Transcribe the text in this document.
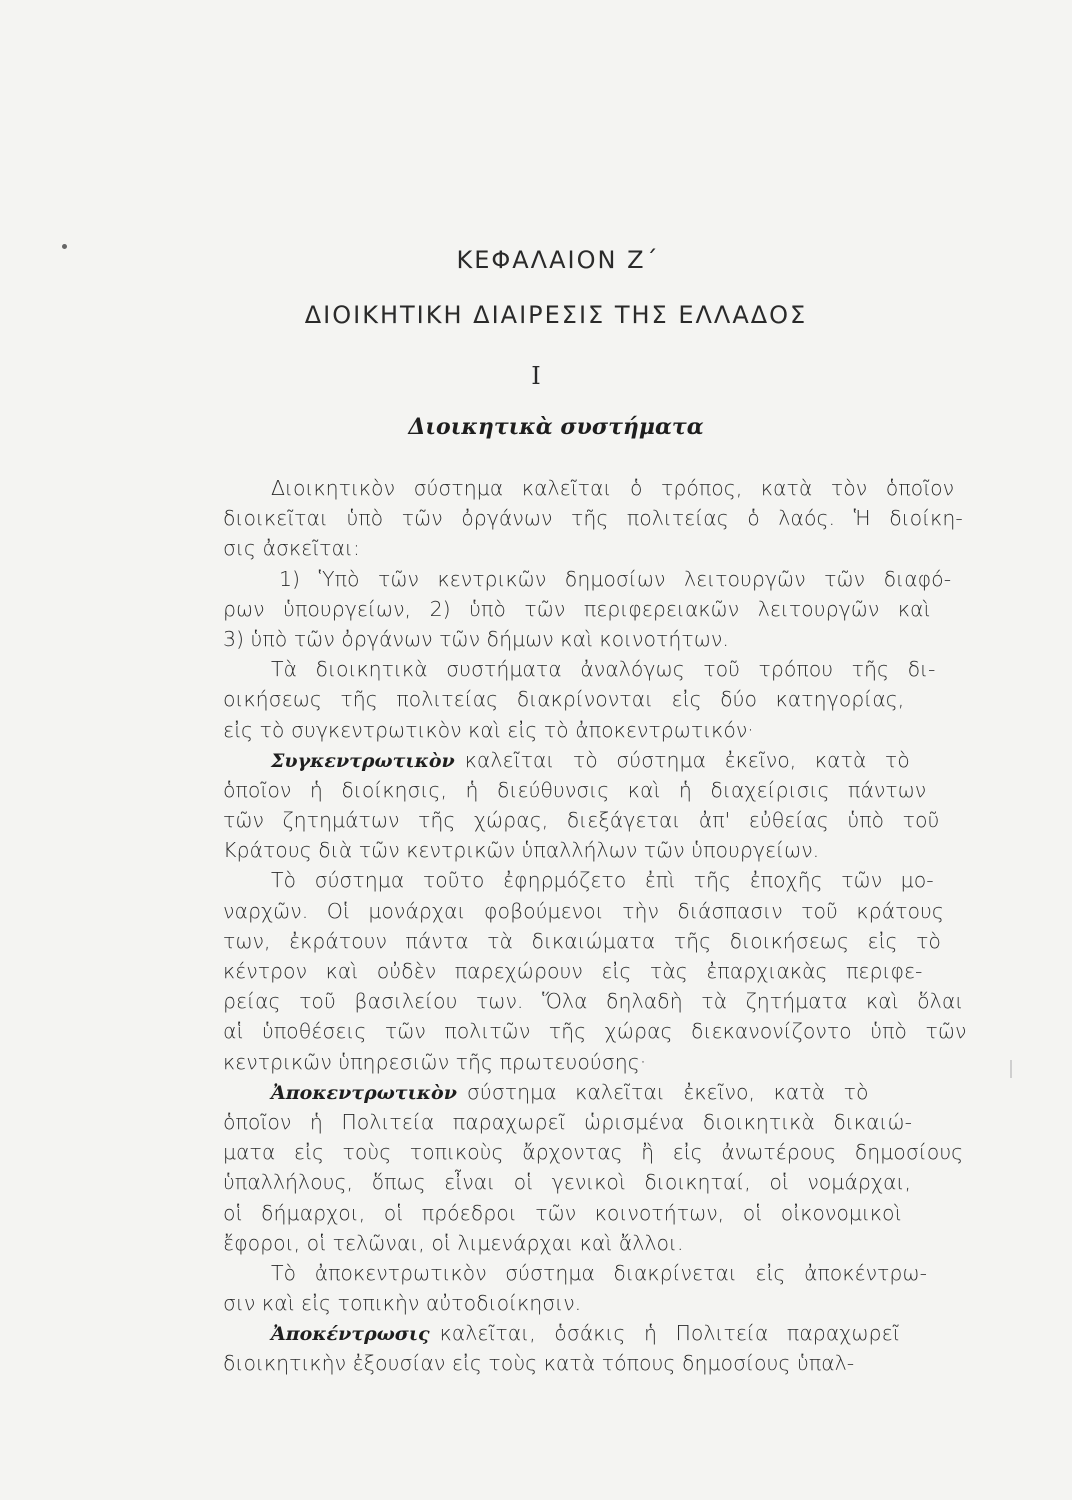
ΚΕΦΑΛΑΙΟΝ Ζ΄
ΔΙΟΙΚΗΤΙΚΗ ΔΙΑΙΡΕΣΙΣ ΤΗΣ ΕΛΛΑΔΟΣ
I
Διοικητικὰ συστήματα
Διοικητικὸν σύστημα καλεῖται ὁ τρόπος, κατὰ τὸν ὁποῖον
διοικεῖται ὑπὸ τῶν ὀργάνων τῆς πολιτείας ὁ λαός. Ἡ διοίκη-
σις ἀσκεῖται:
1) Ὑπὸ τῶν κεντρικῶν δημοσίων λειτουργῶν τῶν διαφό-
ρων ὑπουργείων, 2) ὑπὸ τῶν περιφερειακῶν λειτουργῶν καὶ
3) ὑπὸ τῶν ὀργάνων τῶν δήμων καὶ κοινοτήτων.
Τὰ διοικητικὰ συστήματα ἀναλόγως τοῦ τρόπου τῆς δι-
οικήσεως τῆς πολιτείας διακρίνονται εἰς δύο κατηγορίας,
εἰς τὸ συγκεντρωτικὸν καὶ εἰς τὸ ἀποκεντρωτικόν·
Συγκεντρωτικὸν καλεῖται τὸ σύστημα ἐκεῖνο, κατὰ τὸ
ὁποῖον ἡ διοίκησις, ἡ διεύθυνσις καὶ ἡ διαχείρισις πάντων
τῶν ζητημάτων τῆς χώρας, διεξάγεται ἀπ' εὐθείας ὑπὸ τοῦ
Κράτους διὰ τῶν κεντρικῶν ὑπαλλήλων τῶν ὑπουργείων.
Τὸ σύστημα τοῦτο ἐφηρμόζετο ἐπὶ τῆς ἐποχῆς τῶν μο-
ναρχῶν. Οἱ μονάρχαι φοβούμενοι τὴν διάσπασιν τοῦ κράτους
των, ἐκράτουν πάντα τὰ δικαιώματα τῆς διοικήσεως εἰς τὸ
κέντρον καὶ οὐδὲν παρεχώρουν εἰς τὰς ἐπαρχιακὰς περιφε-
ρείας τοῦ βασιλείου των. Ὅλα δηλαδὴ τὰ ζητήματα καὶ ὅλαι
αἱ ὑποθέσεις τῶν πολιτῶν τῆς χώρας διεκανονίζοντο ὑπὸ τῶν
κεντρικῶν ὑπηρεσιῶν τῆς πρωτευούσης·
Ἀποκεντρωτικὸν σύστημα καλεῖται ἐκεῖνο, κατὰ τὸ
ὁποῖον ἡ Πολιτεία παραχωρεῖ ὡρισμένα διοικητικὰ δικαιώ-
ματα εἰς τοὺς τοπικοὺς ἄρχοντας ἢ εἰς ἀνωτέρους δημοσίους
ὑπαλλήλους, ὅπως εἶναι οἱ γενικοὶ διοικηταί, οἱ νομάρχαι,
οἱ δήμαρχοι, οἱ πρόεδροι τῶν κοινοτήτων, οἱ οἰκονομικοὶ
ἔφοροι, οἱ τελῶναι, οἱ λιμενάρχαι καὶ ἄλλοι.
Τὸ ἀποκεντρωτικὸν σύστημα διακρίνεται εἰς ἀποκέντρω-
σιν καὶ εἰς τοπικὴν αὐτοδιοίκησιν.
Ἀποκέντρωσις καλεῖται, ὁσάκις ἡ Πολιτεία παραχωρεῖ
διοικητικὴν ἐξουσίαν εἰς τοὺς κατὰ τόπους δημοσίους ὑπαλ-
